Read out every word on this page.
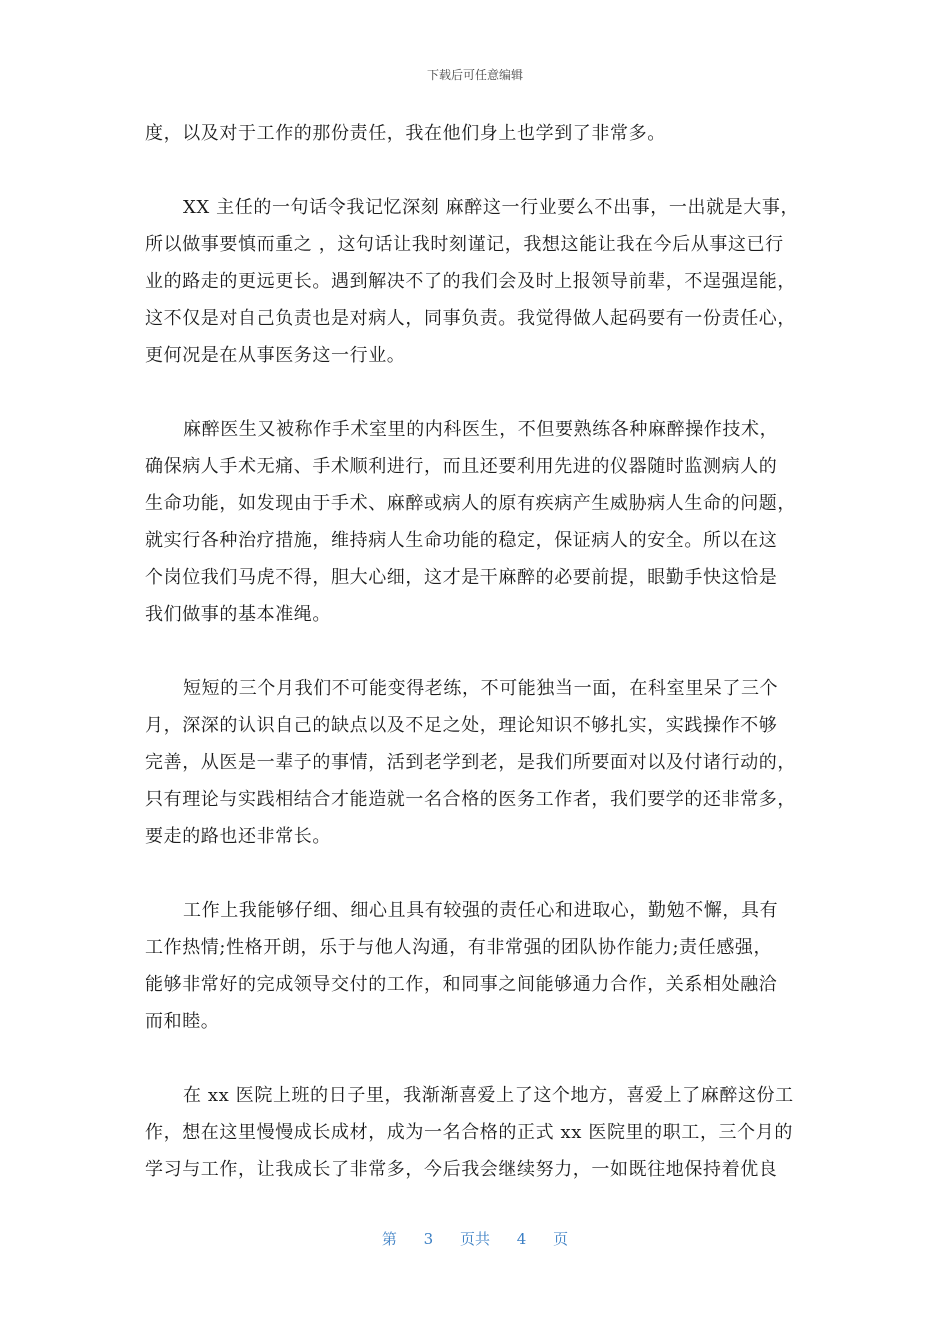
下载后可任意编辑
度，以及对于工作的那份责任，我在他们身上也学到了非常多。
XX 主任的一句话令我记忆深刻 麻醉这一行业要么不出事，一出就是大事，
所以做事要慎而重之 ，这句话让我时刻谨记，我想这能让我在今后从事这已行
业的路走的更远更长。遇到解决不了的我们会及时上报领导前辈，不逞强逞能，
这不仅是对自己负责也是对病人，同事负责。我觉得做人起码要有一份责任心，
更何况是在从事医务这一行业。
麻醉医生又被称作手术室里的内科医生，不但要熟练各种麻醉操作技术，
确保病人手术无痛、手术顺利进行，而且还要利用先进的仪器随时监测病人的
生命功能，如发现由于手术、麻醉或病人的原有疾病产生威胁病人生命的问题，
就实行各种治疗措施，维持病人生命功能的稳定，保证病人的安全。所以在这
个岗位我们马虎不得，胆大心细，这才是干麻醉的必要前提，眼勤手快这恰是
我们做事的基本准绳。
短短的三个月我们不可能变得老练，不可能独当一面，在科室里呆了三个
月，深深的认识自己的缺点以及不足之处，理论知识不够扎实，实践操作不够
完善，从医是一辈子的事情，活到老学到老，是我们所要面对以及付诸行动的，
只有理论与实践相结合才能造就一名合格的医务工作者，我们要学的还非常多，
要走的路也还非常长。
工作上我能够仔细、细心且具有较强的责任心和进取心，勤勉不懈，具有
工作热情;性格开朗，乐于与他人沟通，有非常强的团队协作能力;责任感强，
能够非常好的完成领导交付的工作，和同事之间能够通力合作，关系相处融洽
而和睦。
在 xx 医院上班的日子里，我渐渐喜爱上了这个地方，喜爱上了麻醉这份工
作，想在这里慢慢成长成材，成为一名合格的正式 xx 医院里的职工，三个月的
学习与工作，让我成长了非常多，今后我会继续努力，一如既往地保持着优良
第 3 页共 4 页
